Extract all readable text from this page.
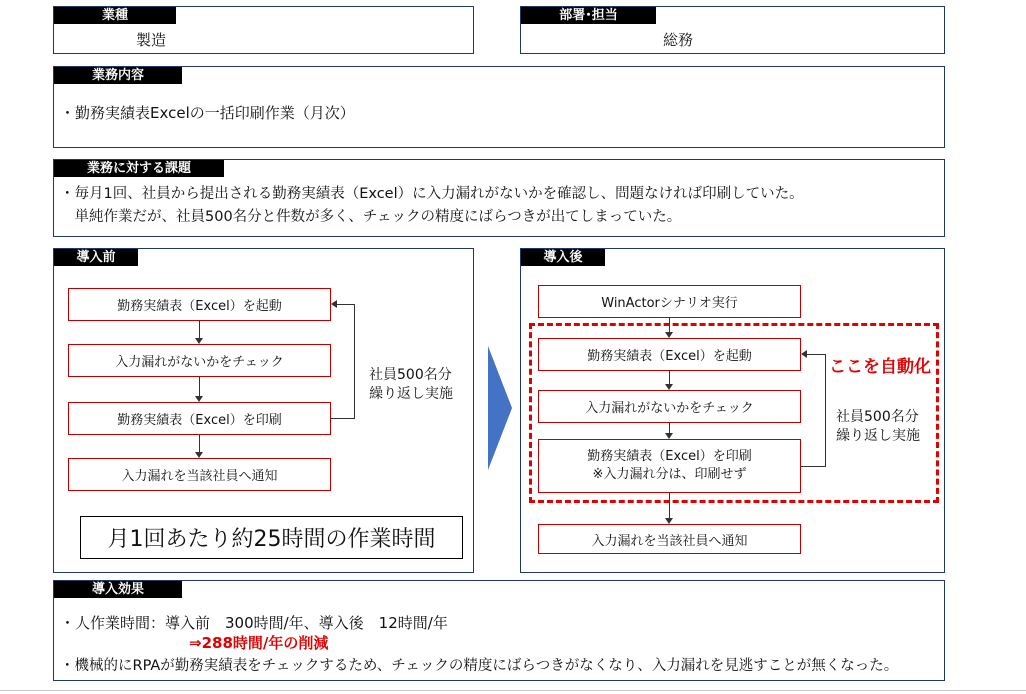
業種
製造
部署･担当
総務
業務内容
・勤務実績表Excelの一括印刷作業（月次）
業務に対する課題
・毎月1回、社員から提出される勤務実績表（Excel）に入力漏れがないかを確認し、問題なければ印刷していた。
　単純作業だが、社員500名分と件数が多く、チェックの精度にばらつきが出てしまっていた。
導入前
勤務実績表（Excel）を起動
入力漏れがないかをチェック
勤務実績表（Excel）を印刷
入力漏れを当該社員へ通知
社員500名分
繰り返し実施
月1回あたり約25時間の作業時間
導入後
WinActorシナリオ実行
勤務実績表（Excel）を起動
入力漏れがないかをチェック
勤務実績表（Excel）を印刷
※入力漏れ分は、印刷せず
入力漏れを当該社員へ通知
ここを自動化
社員500名分
繰り返し実施
導入効果
・人作業時間：導入前　300時間/年、導入後　12時間/年
⇒288時間/年の削減
・機械的にRPAが勤務実績表をチェックするため、チェックの精度にばらつきがなくなり、入力漏れを見逃すことが無くなった。
